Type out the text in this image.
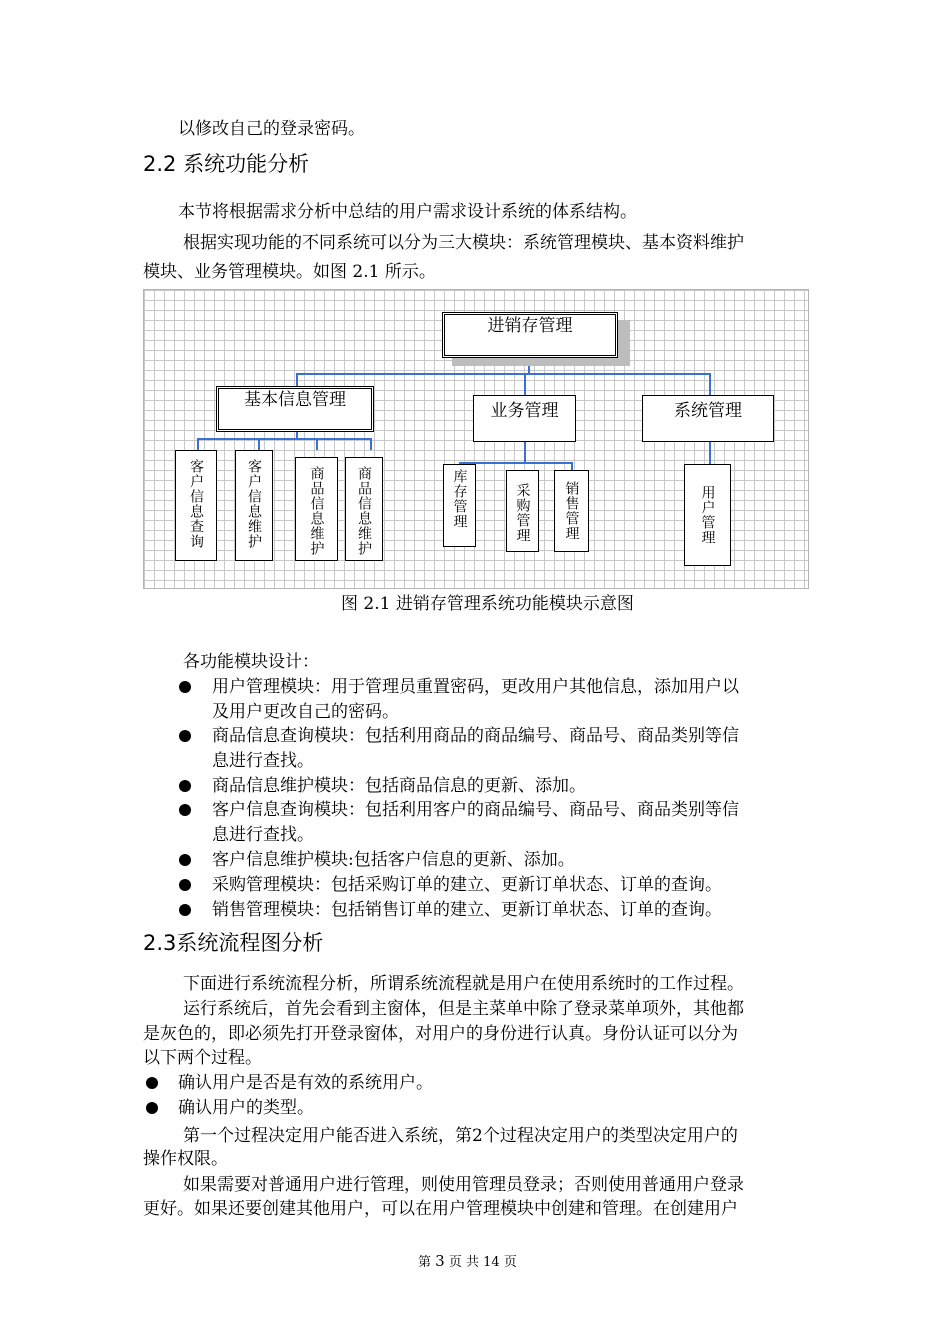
以修改自己的登录密码。
2.2 系统功能分析
本节将根据需求分析中总结的用户需求设计系统的体系结构。
根据实现功能的不同系统可以分为三大模块：系统管理模块、基本资料维护
模块、业务管理模块。如图 2.1 所示。
进销存管理
基本信息管理
业务管理	系统管理
客户信息查询	客户信息维护	商品信息维护 商品信息维护	库存管理	采购管理 销售管理	用户管理
图 2.1 进销存管理系统功能模块示意图
各功能模块设计：
用户管理模块：用于管理员重置密码，更改用户其他信息，添加用户以
及用户更改自己的密码。
商品信息查询模块：包括利用商品的商品编号、商品号、商品类别等信
息进行查找。
商品信息维护模块：包括商品信息的更新、添加。
客户信息查询模块：包括利用客户的商品编号、商品号、商品类别等信
息进行查找。
客户信息维护模块:包括客户信息的更新、添加。
采购管理模块：包括采购订单的建立、更新订单状态、订单的查询。
销售管理模块：包括销售订单的建立、更新订单状态、订单的查询。
2.3系统流程图分析
下面进行系统流程分析，所谓系统流程就是用户在使用系统时的工作过程。
运行系统后，首先会看到主窗体，但是主菜单中除了登录菜单项外，其他都
是灰色的，即必须先打开登录窗体，对用户的身份进行认真。身份认证可以分为
以下两个过程。
确认用户是否是有效的系统用户。
确认用户的类型。
第一个过程决定用户能否进入系统，第2个过程决定用户的类型决定用户的
操作权限。
如果需要对普通用户进行管理，则使用管理员登录；否则使用普通用户登录
更好。如果还要创建其他用户，可以在用户管理模块中创建和管理。在创建用户
第 3 页 共 14 页
